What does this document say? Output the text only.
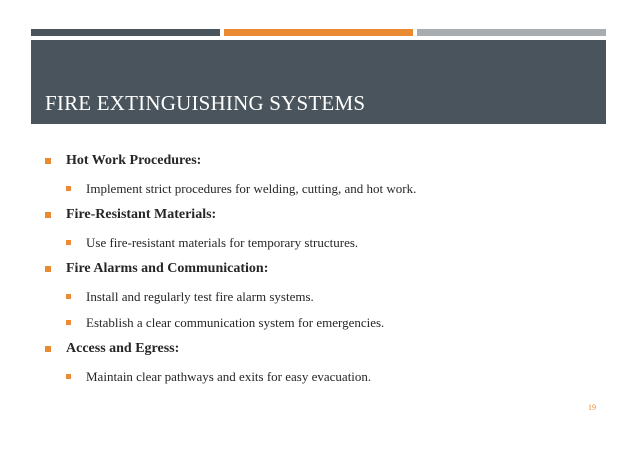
FIRE EXTINGUISHING SYSTEMS
Hot Work Procedures:
Implement strict procedures for welding, cutting, and hot work.
Fire-Resistant Materials:
Use fire-resistant materials for temporary structures.
Fire Alarms and Communication:
Install and regularly test fire alarm systems.
Establish a clear communication system for emergencies.
Access and Egress:
Maintain clear pathways and exits for easy evacuation.
19
